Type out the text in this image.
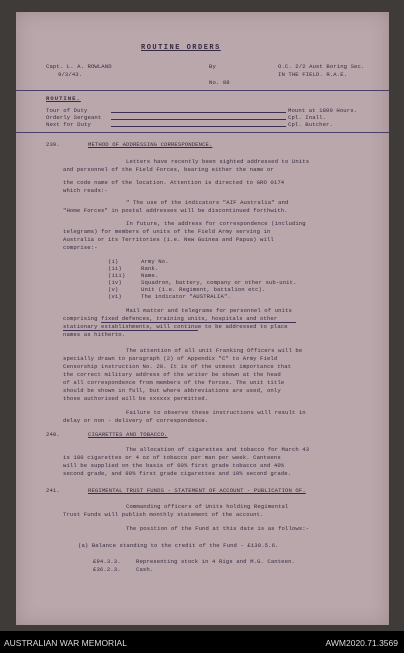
ROUTINE ORDERS
Capt. L. A. ROWLAND
9/3/43.
By	O.C. 2/2 Aust Boring Sec.
IN THE FIELD. R.A.E.
No. 88
ROUTINE.
Tour of Duty	Mount at 1800 Hours.
Orderly Sergeant	Cpl. Inall.
Next for Duty	Cpl. Butcher.
239.	METHOD OF ADDRESSING CORRESPONDENCE.
Letters have recently been sighted addressed to Units
and personnel of the Field Forces, bearing either the name or
the code name of the location. Attention is directed to GRO 0174
which reads:-
" The use of the indicators "AIF Australia" and
"Home Forces" in postal addresses will be discontinued forthwith.
In future, the address for correspondence (including
telegrams) for members of units of the Field Army serving in
Australia or its Territories (i.e. New Guinea and Papua) will
comprise:-
(i)	Army No.
(ii)	Rank.
(iii)	Name.
(iv)	Squadron, battery, company or other sub-unit.
(v)	Unit (i.e. Regiment, battalion etc).
(vi)	The indicator "AUSTRALIA".
Mail matter and telegrams for personnel of units
comprising fixed defences, training units, hospitals and other
stationary establishments, will continue to be addressed to place
names as hitherto.
The attention of all unit Franking Officers will be
specially drawn to paragraph (2) of Appendix "C" to Army Field
Censorship instruction No. 28. It is of the utmost importance that
the correct military address of the writer be shown at the head
of all correspondence from members of the forces. The unit title
should be shown in full, but where abbreviations are used, only
those authorised will be xxxxxx permitted.
Failure to observe these instructions will result in
delay or non - delivery of correspondence.
240.	CIGARETTES AND TOBACCO.
The allocation of cigarettes and tobacco for March 43
is 180 cigarettes or 4 oz of tobacco per man per week. Canteens
will be supplied on the basis of 60% first grade tobacco and 40%
second grade, and 90% first grade cigarettes and 10% second grade.
241.	REGIMENTAL TRUST FUNDS - STATEMENT OF ACCOUNT - PUBLICATION OF.
Commanding officers of Units holding Regimental
Trust Funds will publish monthly statement of the account.
The position of the Fund at this date is as follows:-
(a) Balance standing to the credit of the Fund - £130.5.6.
£94.3.3.	Representing stock in 4 Rigs and M.G. Canteen.
£36.2.3.	Cash.
AUSTRALIAN WAR MEMORIAL	AWM2020.71.3569
